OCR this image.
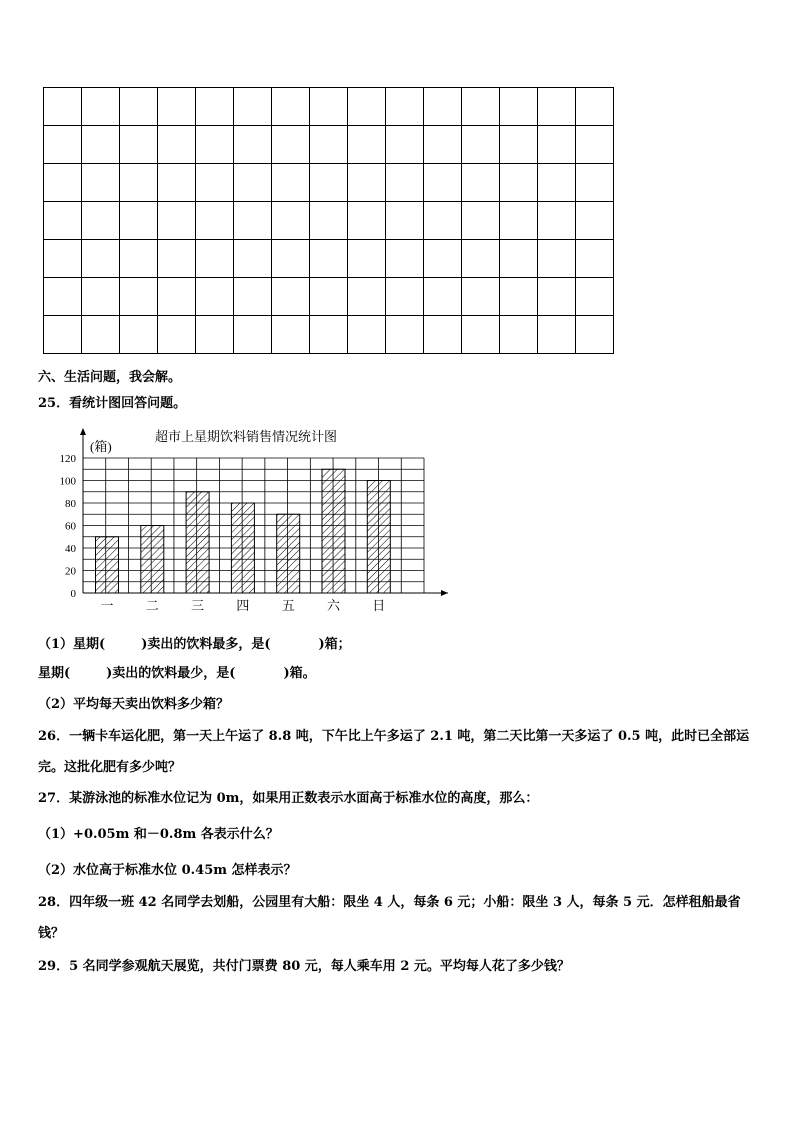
六、生活问题，我会解。
25．看统计图回答问题。
120
100
80
60
40
20
0
(箱)
超市上星期饮料销售情况统计图
一 二 三 四 五 六 日
（1）星期(	)卖出的饮料最多，是(	)箱；
星期(	)卖出的饮料最少，是(	)箱。
（2）平均每天卖出饮料多少箱？
26．一辆卡车运化肥，第一天上午运了 8.8 吨，下午比上午多运了 2.1 吨，第二天比第一天多运了 0.5 吨，此时已全部运完。这批化肥有多少吨？
27．某游泳池的标准水位记为 0m，如果用正数表示水面高于标准水位的高度，那么：
（1）+0.05m 和－0.8m 各表示什么？
（2）水位高于标准水位 0.45m 怎样表示？
28．四年级一班 42 名同学去划船，公园里有大船：限坐 4 人，每条 6 元；小船：限坐 3 人，每条 5 元．怎样租船最省钱？
29．5 名同学参观航天展览，共付门票费 80 元，每人乘车用 2 元。平均每人花了多少钱？
